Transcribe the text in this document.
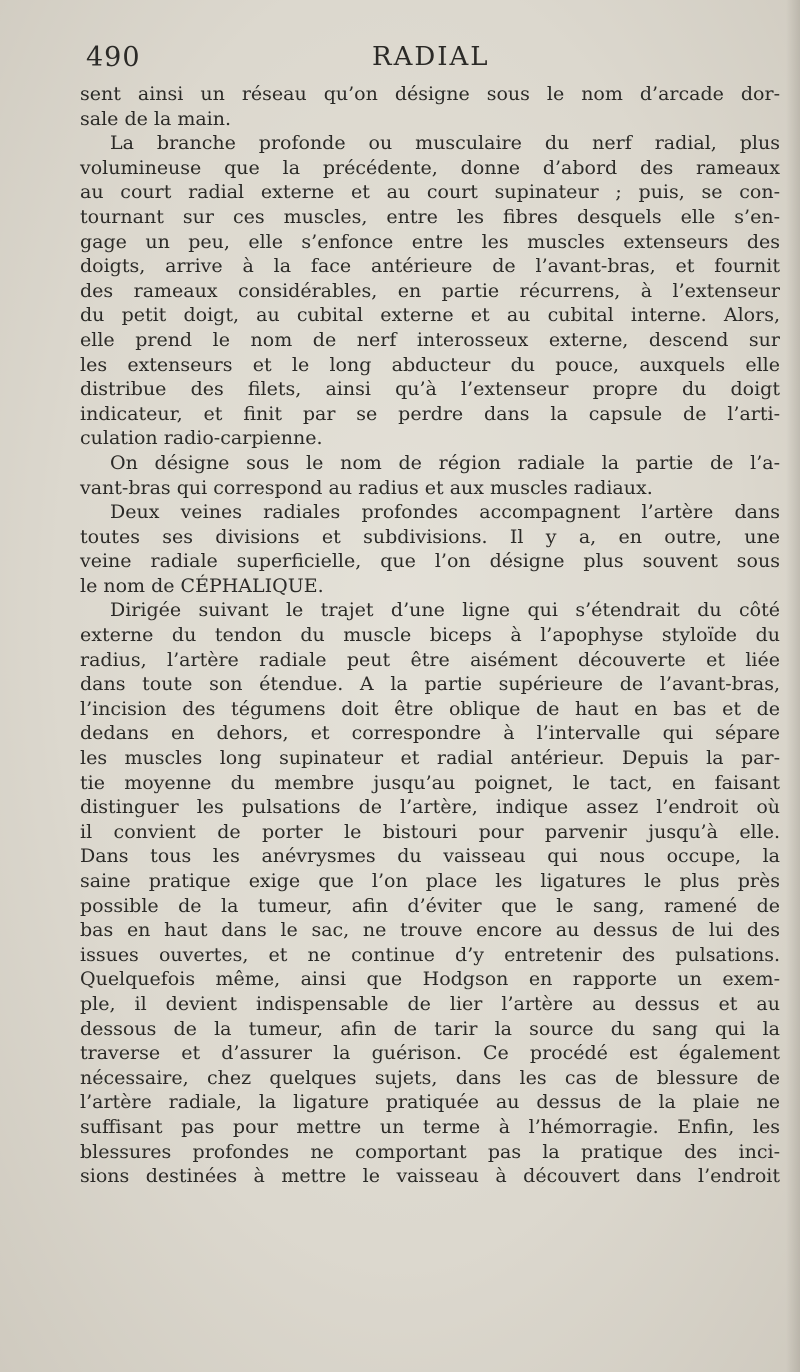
490	RADIAL
sent ainsi un réseau qu’on désigne sous le nom d’arcade dor-
sale de la main.
La branche profonde ou musculaire du nerf radial, plus
volumineuse que la précédente, donne d’abord des rameaux
au court radial externe et au court supinateur ; puis, se con-
tournant sur ces muscles, entre les fibres desquels elle s’en-
gage un peu, elle s’enfonce entre les muscles extenseurs des
doigts, arrive à la face antérieure de l’avant-bras, et fournit
des rameaux considérables, en partie récurrens, à l’extenseur
du petit doigt, au cubital externe et au cubital interne. Alors,
elle prend le nom de nerf interosseux externe, descend sur
les extenseurs et le long abducteur du pouce, auxquels elle
distribue des filets, ainsi qu’à l’extenseur propre du doigt
indicateur, et finit par se perdre dans la capsule de l’arti-
culation radio-carpienne.
On désigne sous le nom de région radiale la partie de l’a-
vant-bras qui correspond au radius et aux muscles radiaux.
Deux veines radiales profondes accompagnent l’artère dans
toutes ses divisions et subdivisions. Il y a, en outre, une
veine radiale superficielle, que l’on désigne plus souvent sous
le nom de CÉPHALIQUE.
Dirigée suivant le trajet d’une ligne qui s’étendrait du côté
externe du tendon du muscle biceps à l’apophyse styloïde du
radius, l’artère radiale peut être aisément découverte et liée
dans toute son étendue. A la partie supérieure de l’avant-bras,
l’incision des tégumens doit être oblique de haut en bas et de
dedans en dehors, et correspondre à l’intervalle qui sépare
les muscles long supinateur et radial antérieur. Depuis la par-
tie moyenne du membre jusqu’au poignet, le tact, en faisant
distinguer les pulsations de l’artère, indique assez l’endroit où
il convient de porter le bistouri pour parvenir jusqu’à elle.
Dans tous les anévrysmes du vaisseau qui nous occupe, la
saine pratique exige que l’on place les ligatures le plus près
possible de la tumeur, afin d’éviter que le sang, ramené de
bas en haut dans le sac, ne trouve encore au dessus de lui des
issues ouvertes, et ne continue d’y entretenir des pulsations.
Quelquefois même, ainsi que Hodgson en rapporte un exem-
ple, il devient indispensable de lier l’artère au dessus et au
dessous de la tumeur, afin de tarir la source du sang qui la
traverse et d’assurer la guérison. Ce procédé est également
nécessaire, chez quelques sujets, dans les cas de blessure de
l’artère radiale, la ligature pratiquée au dessus de la plaie ne
suffisant pas pour mettre un terme à l’hémorragie. Enfin, les
blessures profondes ne comportant pas la pratique des inci-
sions destinées à mettre le vaisseau à découvert dans l’endroit
